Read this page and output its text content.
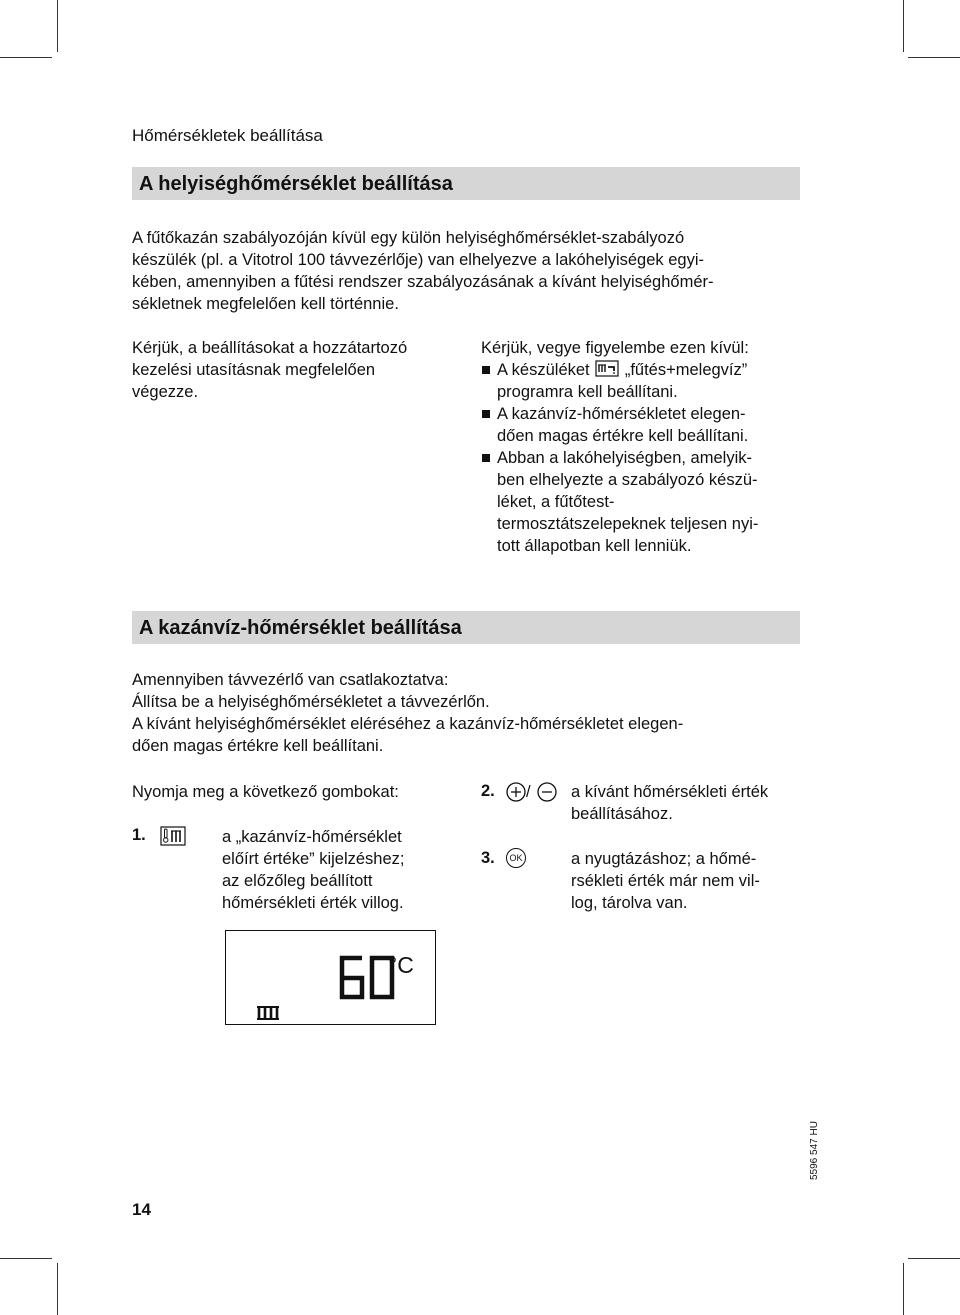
Hőmérsékletek beállítása
A helyiséghőmérséklet beállítása

A fűtőkazán szabályozóján kívül egy külön helyiséghőmérséklet-szabályozó
készülék (pl. a Vitotrol 100 távvezérlője) van elhelyezve a lakóhelyiségek egyi-
kében, amennyiben a fűtési rendszer szabályozásának a kívánt helyiséghőmér-
sékletnek megfelelően kell történnie.

Kérjük, a beállításokat a hozzátartozó
kezelési utasításnak megfelelően
végezze.
Kérjük, vegye figyelembe ezen kívül:
A készüléket „fűtés+melegvíz”
programra kell beállítani.
A kazánvíz-hőmérsékletet elegen-
dően magas értékre kell beállítani.
Abban a lakóhelyiségben, amelyik-
ben elhelyezte a szabályozó készü-
léket, a fűtőtest-
termosztátszelepeknek teljesen nyi-
tott állapotban kell lenniük.
A kazánvíz-hőmérséklet beállítása

Amennyiben távvezérlő van csatlakoztatva:
Állítsa be a helyiséghőmérsékletet a távvezérlőn.
A kívánt helyiséghőmérséklet eléréséhez a kazánvíz-hőmérsékletet elegen-
dően magas értékre kell beállítani.

Nyomja meg a következő gombokat:
1.	a „kazánvíz-hőmérséklet
előírt értéke” kijelzéshez;
az előzőleg beállított
hőmérsékleti érték villog.
2. / a kívánt hőmérsékleti érték
beállításához.
3.	OK	a nyugtázáshoz; a hőmé-
rsékleti érték már nem vil-
log, tárolva van.
°C
14
5596 547 HU
